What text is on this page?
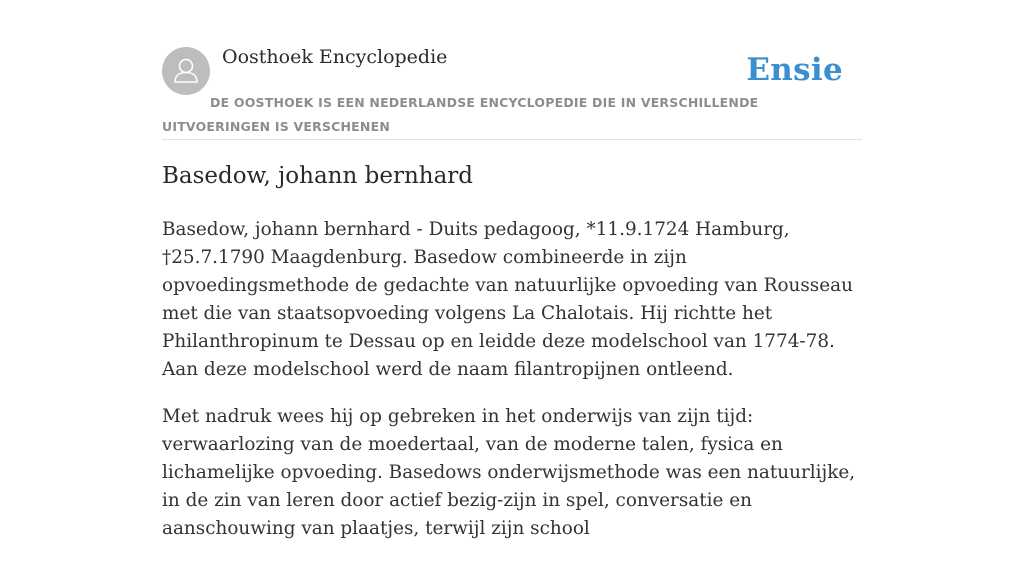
Oosthoek Encyclopedie	Ensie
DE OOSTHOEK IS EEN NEDERLANDSE ENCYCLOPEDIE DIE IN VERSCHILLENDE UITVOERINGEN IS VERSCHENEN
Basedow, johann bernhard

Basedow, johann bernhard - Duits pedagoog, *11.9.1724 Hamburg, †25.7.1790 Maagdenburg. Basedow combineerde in zijn opvoedingsmethode de gedachte van natuurlijke opvoeding van Rousseau met die van staatsopvoeding volgens La Chalotais. Hij richtte het Philanthropinum te Dessau op en leidde deze modelschool van 1774-78. Aan deze modelschool werd de naam filantropijnen ontleend.

Met nadruk wees hij op gebreken in het onderwijs van zijn tijd: verwaarlozing van de moedertaal, van de moderne talen, fysica en lichamelijke opvoeding. Basedows onderwijsmethode was een natuurlijke, in de zin van leren door actief bezig-zijn in spel, conversatie en aanschouwing van plaatjes, terwijl zijn school
